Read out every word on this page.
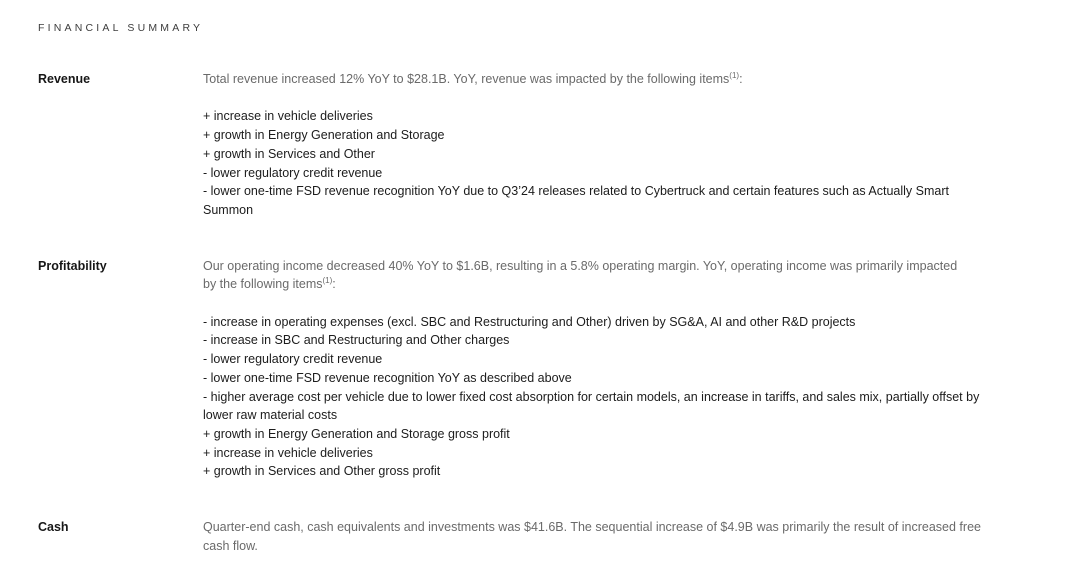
FINANCIAL SUMMARY
Revenue	Total revenue increased 12% YoY to $28.1B. YoY, revenue was impacted by the following items$^{(1)}$:
+ increase in vehicle deliveries
+ growth in Energy Generation and Storage
+ growth in Services and Other
- lower regulatory credit revenue
- lower one-time FSD revenue recognition YoY due to Q3’24 releases related to Cybertruck and certain features such as Actually Smart
Summon
Profitability	Our operating income decreased 40% YoY to $1.6B, resulting in a 5.8% operating margin. YoY, operating income was primarily impacted
by the following items$^{(1)}$:
- increase in operating expenses (excl. SBC and Restructuring and Other) driven by SG&A, AI and other R&D projects
- increase in SBC and Restructuring and Other charges
- lower regulatory credit revenue
- lower one-time FSD revenue recognition YoY as described above
- higher average cost per vehicle due to lower fixed cost absorption for certain models, an increase in tariffs, and sales mix, partially offset by
lower raw material costs
+ growth in Energy Generation and Storage gross profit
+ increase in vehicle deliveries
+ growth in Services and Other gross profit
Cash	Quarter-end cash, cash equivalents and investments was $41.6B. The sequential increase of $4.9B was primarily the result of increased free
cash flow.
